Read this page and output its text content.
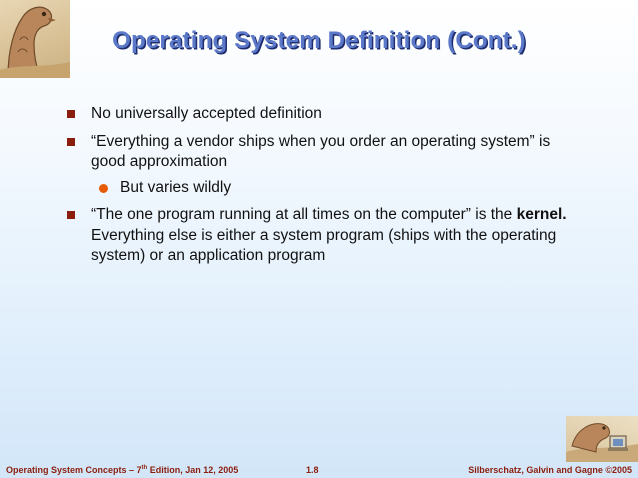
Operating System Definition (Cont.)
No universally accepted definition
“Everything a vendor ships when you order an operating system” is good approximation
But varies wildly
“The one program running at all times on the computer” is the kernel. Everything else is either a system program (ships with the operating system) or an application program
Operating System Concepts – 7th Edition, Jan 12, 2005	1.8	Silberschatz, Galvin and Gagne ©2005
